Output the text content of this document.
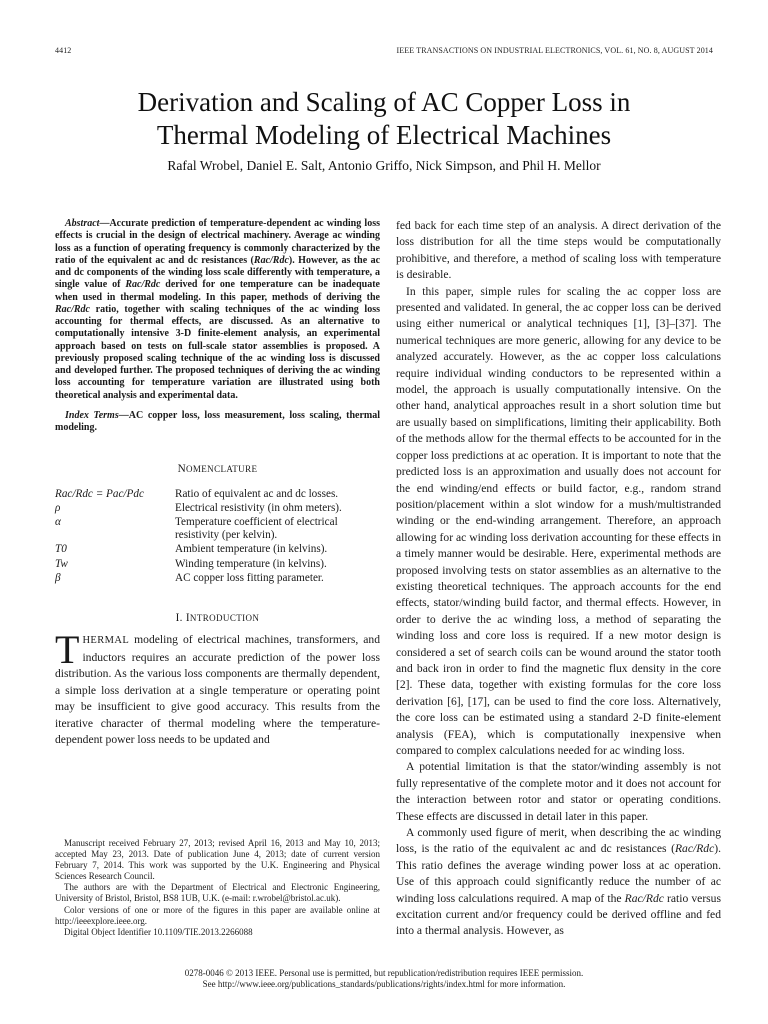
4412	IEEE TRANSACTIONS ON INDUSTRIAL ELECTRONICS, VOL. 61, NO. 8, AUGUST 2014
Derivation and Scaling of AC Copper Loss in
Thermal Modeling of Electrical Machines
Rafal Wrobel, Daniel E. Salt, Antonio Griffo, Nick Simpson, and Phil H. Mellor

Abstract—Accurate prediction of temperature-dependent ac winding loss effects is crucial in the design of electrical machinery. Average ac winding loss as a function of operating frequency is commonly characterized by the ratio of the equivalent ac and dc resistances (Rac/Rdc). However, as the ac and dc components of the winding loss scale differently with temperature, a single value of Rac/Rdc derived for one temperature can be inadequate when used in thermal modeling. In this paper, methods of deriving the Rac/Rdc ratio, together with scaling techniques of the ac winding loss accounting for thermal effects, are discussed. As an alternative to computationally intensive 3-D finite-element analysis, an experimental approach based on tests on full-scale stator assemblies is proposed. A previously proposed scaling technique of the ac winding loss is discussed and developed further. The proposed techniques of deriving the ac winding loss accounting for temperature variation are illustrated using both theoretical analysis and experimental data.

Index Terms—AC copper loss, loss measurement, loss scaling, thermal modeling.

NOMENCLATURE

Rac/Rdc = Pac/Pdc	Ratio of equivalent ac and dc losses.
ρ	Electrical resistivity (in ohm meters).
α	Temperature coefficient of electrical resistivity (per kelvin).
T0	Ambient temperature (in kelvins).
Tw	Winding temperature (in kelvins).
β	AC copper loss fitting parameter.

I. INTRODUCTION

THERMAL modeling of electrical machines, transformers, and inductors requires an accurate prediction of the power loss distribution. As the various loss components are thermally dependent, a simple loss derivation at a single temperature or operating point may be insufficient to give good accuracy. This results from the iterative character of thermal modeling where the temperature-dependent power loss needs to be updated and

Manuscript received February 27, 2013; revised April 16, 2013 and May 10, 2013; accepted May 23, 2013. Date of publication June 4, 2013; date of current version February 7, 2014. This work was supported by the U.K. Engineering and Physical Sciences Research Council.

The authors are with the Department of Electrical and Electronic Engineering, University of Bristol, Bristol, BS8 1UB, U.K. (e-mail: r.wrobel@bristol.ac.uk).

Color versions of one or more of the figures in this paper are available online at http://ieeexplore.ieee.org.

Digital Object Identifier 10.1109/TIE.2013.2266088

fed back for each time step of an analysis. A direct derivation of the loss distribution for all the time steps would be computationally prohibitive, and therefore, a method of scaling loss with temperature is desirable.

In this paper, simple rules for scaling the ac copper loss are presented and validated. In general, the ac copper loss can be derived using either numerical or analytical techniques [1], [3]–[37]. The numerical techniques are more generic, allowing for any device to be analyzed accurately. However, as the ac copper loss calculations require individual winding conductors to be represented within a model, the approach is usually computationally intensive. On the other hand, analytical approaches result in a short solution time but are usually based on simplifications, limiting their applicability. Both of the methods allow for the thermal effects to be accounted for in the copper loss predictions at ac operation. It is important to note that the predicted loss is an approximation and usually does not account for the end winding/end effects or build factor, e.g., random strand position/placement within a slot window for a mush/multistranded winding or the end-winding arrangement. Therefore, an approach allowing for ac winding loss derivation accounting for these effects in a timely manner would be desirable. Here, experimental methods are proposed involving tests on stator assemblies as an alternative to the existing theoretical techniques. The approach accounts for the end effects, stator/winding build factor, and thermal effects. However, in order to derive the ac winding loss, a method of separating the winding loss and core loss is required. If a new motor design is considered a set of search coils can be wound around the stator tooth and back iron in order to find the magnetic flux density in the core [2]. These data, together with existing formulas for the core loss derivation [6], [17], can be used to find the core loss. Alternatively, the core loss can be estimated using a standard 2-D finite-element analysis (FEA), which is computationally inexpensive when compared to complex calculations needed for ac winding loss.

A potential limitation is that the stator/winding assembly is not fully representative of the complete motor and it does not account for the interaction between rotor and stator or operating conditions. These effects are discussed in detail later in this paper.

A commonly used figure of merit, when describing the ac winding loss, is the ratio of the equivalent ac and dc resistances (Rac/Rdc). This ratio defines the average winding power loss at ac operation. Use of this approach could significantly reduce the number of ac winding loss calculations required. A map of the Rac/Rdc ratio versus excitation current and/or frequency could be derived offline and fed into a thermal analysis. However, as

0278-0046 © 2013 IEEE. Personal use is permitted, but republication/redistribution requires IEEE permission.
See http://www.ieee.org/publications_standards/publications/rights/index.html for more information.
